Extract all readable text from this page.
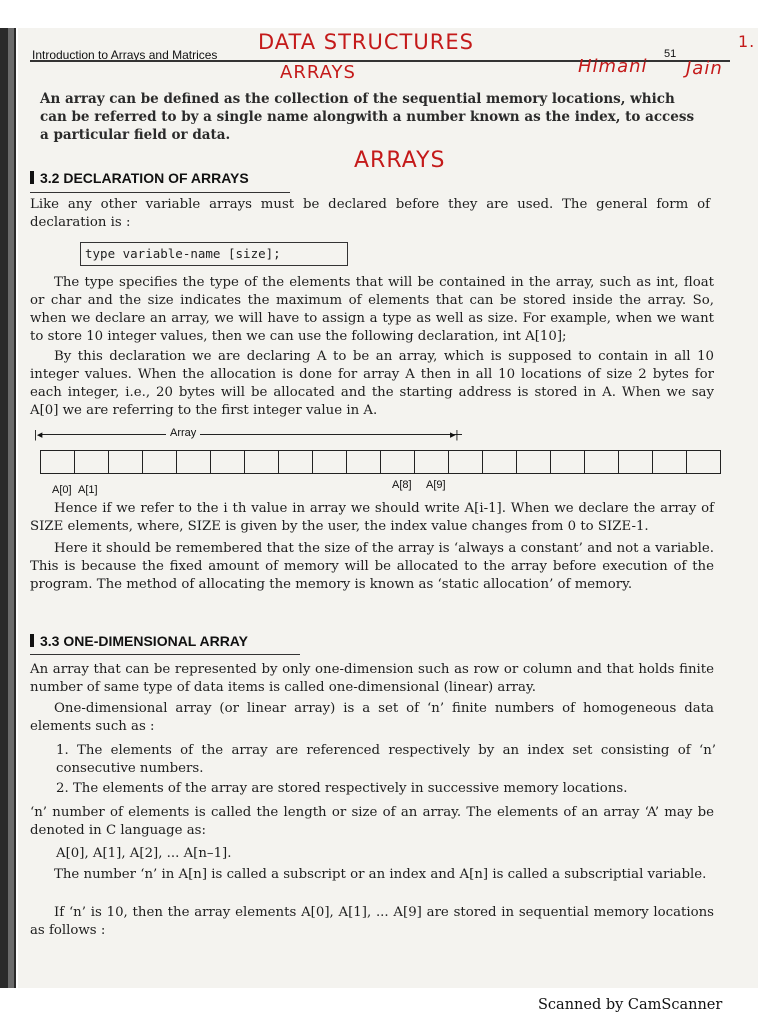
Introduction to Arrays and Matrices	51
DATA STRUCTURES
ARRAYS	Himani Jain
1.
An array can be defined as the collection of the sequential memory locations, which can be referred to by a single name alongwith a number known as the index, to access a particular field or data.
3.2 DECLARATION OF ARRAYS
ARRAYS
Like any other variable arrays must be declared before they are used. The general form of declaration is :
type variable-name [size];
The type specifies the type of the elements that will be contained in the array, such as int, float or char and the size indicates the maximum of elements that can be stored inside the array. So, when we declare an array, we will have to assign a type as well as size. For example, when we want to store 10 integer values, then we can use the following declaration, int A[10];
By this declaration we are declaring A to be an array, which is supposed to contain in all 10 integer values. When the allocation is done for array A then in all 10 locations of size 2 bytes for each integer, i.e., 20 bytes will be allocated and the starting address is stored in A. When we say A[0] we are referring to the first integer value in A.
|◂	▸|
Array
A[0] A[1]	A[8] A[9]
Hence if we refer to the i th value in array we should write A[i-1]. When we declare the array of SIZE elements, where, SIZE is given by the user, the index value changes from 0 to SIZE-1.
Here it should be remembered that the size of the array is ‘always a constant’ and not a variable. This is because the fixed amount of memory will be allocated to the array before execution of the program. The method of allocating the memory is known as ‘static allocation’ of memory.
3.3 ONE-DIMENSIONAL ARRAY
An array that can be represented by only one-dimension such as row or column and that holds finite number of same type of data items is called one-dimensional (linear) array.
One-dimensional array (or linear array) is a set of ‘n’ finite numbers of homogeneous data elements such as :
1. The elements of the array are referenced respectively by an index set consisting of ‘n’ consecutive numbers.
2. The elements of the array are stored respectively in successive memory locations.
‘n’ number of elements is called the length or size of an array. The elements of an array ‘A’ may be denoted in C language as:
A[0], A[1], A[2], ... A[n–1].
The number ‘n’ in A[n] is called a subscript or an index and A[n] is called a subscriptial variable.
If ‘n’ is 10, then the array elements A[0], A[1], ... A[9] are stored in sequential memory locations as follows :
Scanned by CamScanner
